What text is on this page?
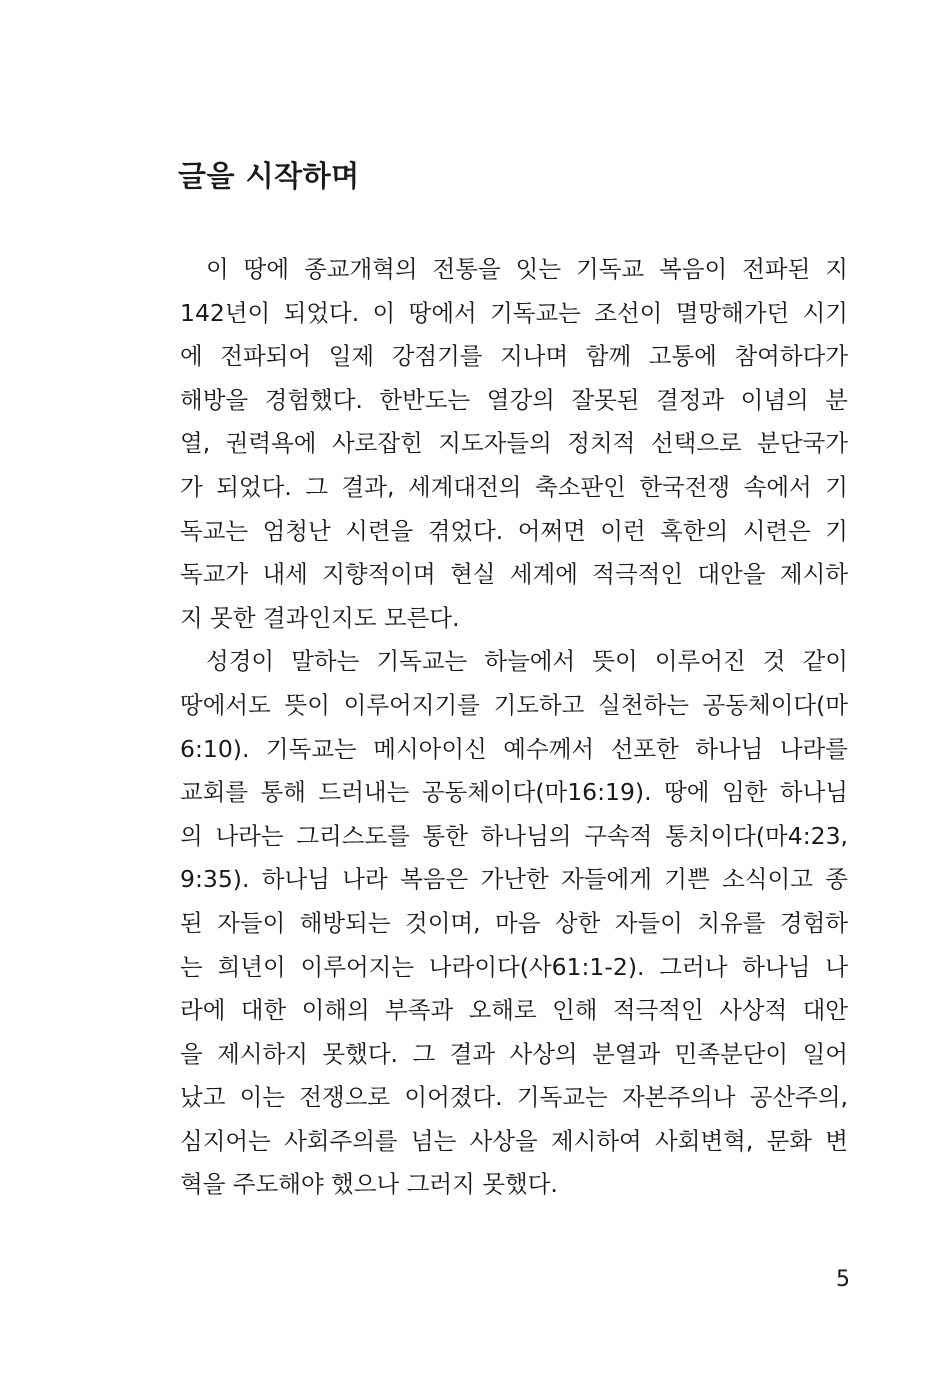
글을 시작하며

이 땅에 종교개혁의 전통을 잇는 기독교 복음이 전파된 지
142년이 되었다. 이 땅에서 기독교는 조선이 멸망해가던 시기
에 전파되어 일제 강점기를 지나며 함께 고통에 참여하다가
해방을 경험했다. 한반도는 열강의 잘못된 결정과 이념의 분
열, 권력욕에 사로잡힌 지도자들의 정치적 선택으로 분단국가
가 되었다. 그 결과, 세계대전의 축소판인 한국전쟁 속에서 기
독교는 엄청난 시련을 겪었다. 어쩌면 이런 혹한의 시련은 기
독교가 내세 지향적이며 현실 세계에 적극적인 대안을 제시하
지 못한 결과인지도 모른다.

성경이 말하는 기독교는 하늘에서 뜻이 이루어진 것 같이
땅에서도 뜻이 이루어지기를 기도하고 실천하는 공동체이다(마
6:10). 기독교는 메시아이신 예수께서 선포한 하나님 나라를
교회를 통해 드러내는 공동체이다(마16:19). 땅에 임한 하나님
의 나라는 그리스도를 통한 하나님의 구속적 통치이다(마4:23,
9:35). 하나님 나라 복음은 가난한 자들에게 기쁜 소식이고 종
된 자들이 해방되는 것이며, 마음 상한 자들이 치유를 경험하
는 희년이 이루어지는 나라이다(사61:1-2). 그러나 하나님 나
라에 대한 이해의 부족과 오해로 인해 적극적인 사상적 대안
을 제시하지 못했다. 그 결과 사상의 분열과 민족분단이 일어
났고 이는 전쟁으로 이어졌다. 기독교는 자본주의나 공산주의,
심지어는 사회주의를 넘는 사상을 제시하여 사회변혁, 문화 변
혁을 주도해야 했으나 그러지 못했다.

5
